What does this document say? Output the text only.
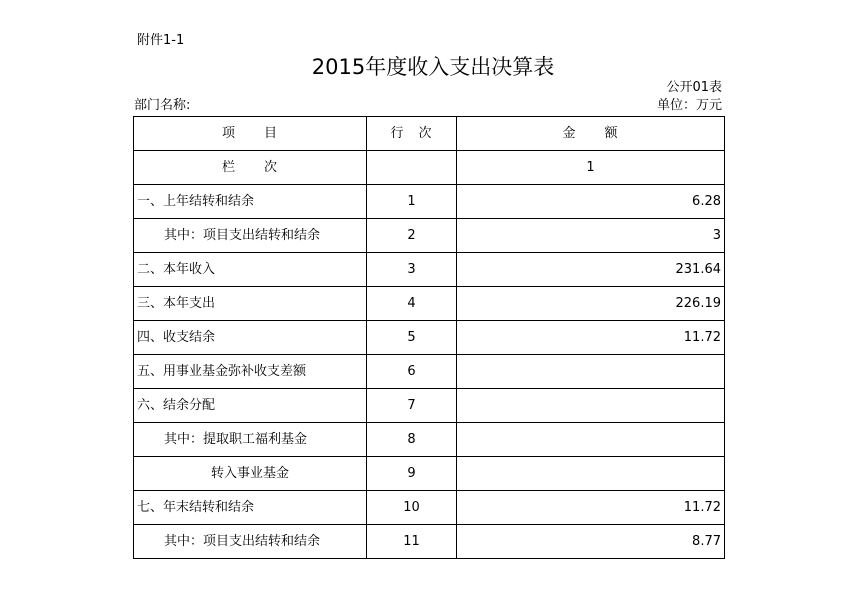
附件1-1
2015年度收入支出决算表
公开01表
部门名称:	单位：万元
项　　目	行　次	金　　额
栏　　次		1
一、上年结转和结余	1	6.28
其中：项目支出结转和结余	2	3
二、本年收入	3	231.64
三、本年支出	4	226.19
四、收支结余	5	11.72
五、用事业基金弥补收支差额	6	
六、结余分配	7	
其中：提取职工福利基金	8	
转入事业基金	9	
七、年末结转和结余	10	11.72
其中：项目支出结转和结余	11	8.77
